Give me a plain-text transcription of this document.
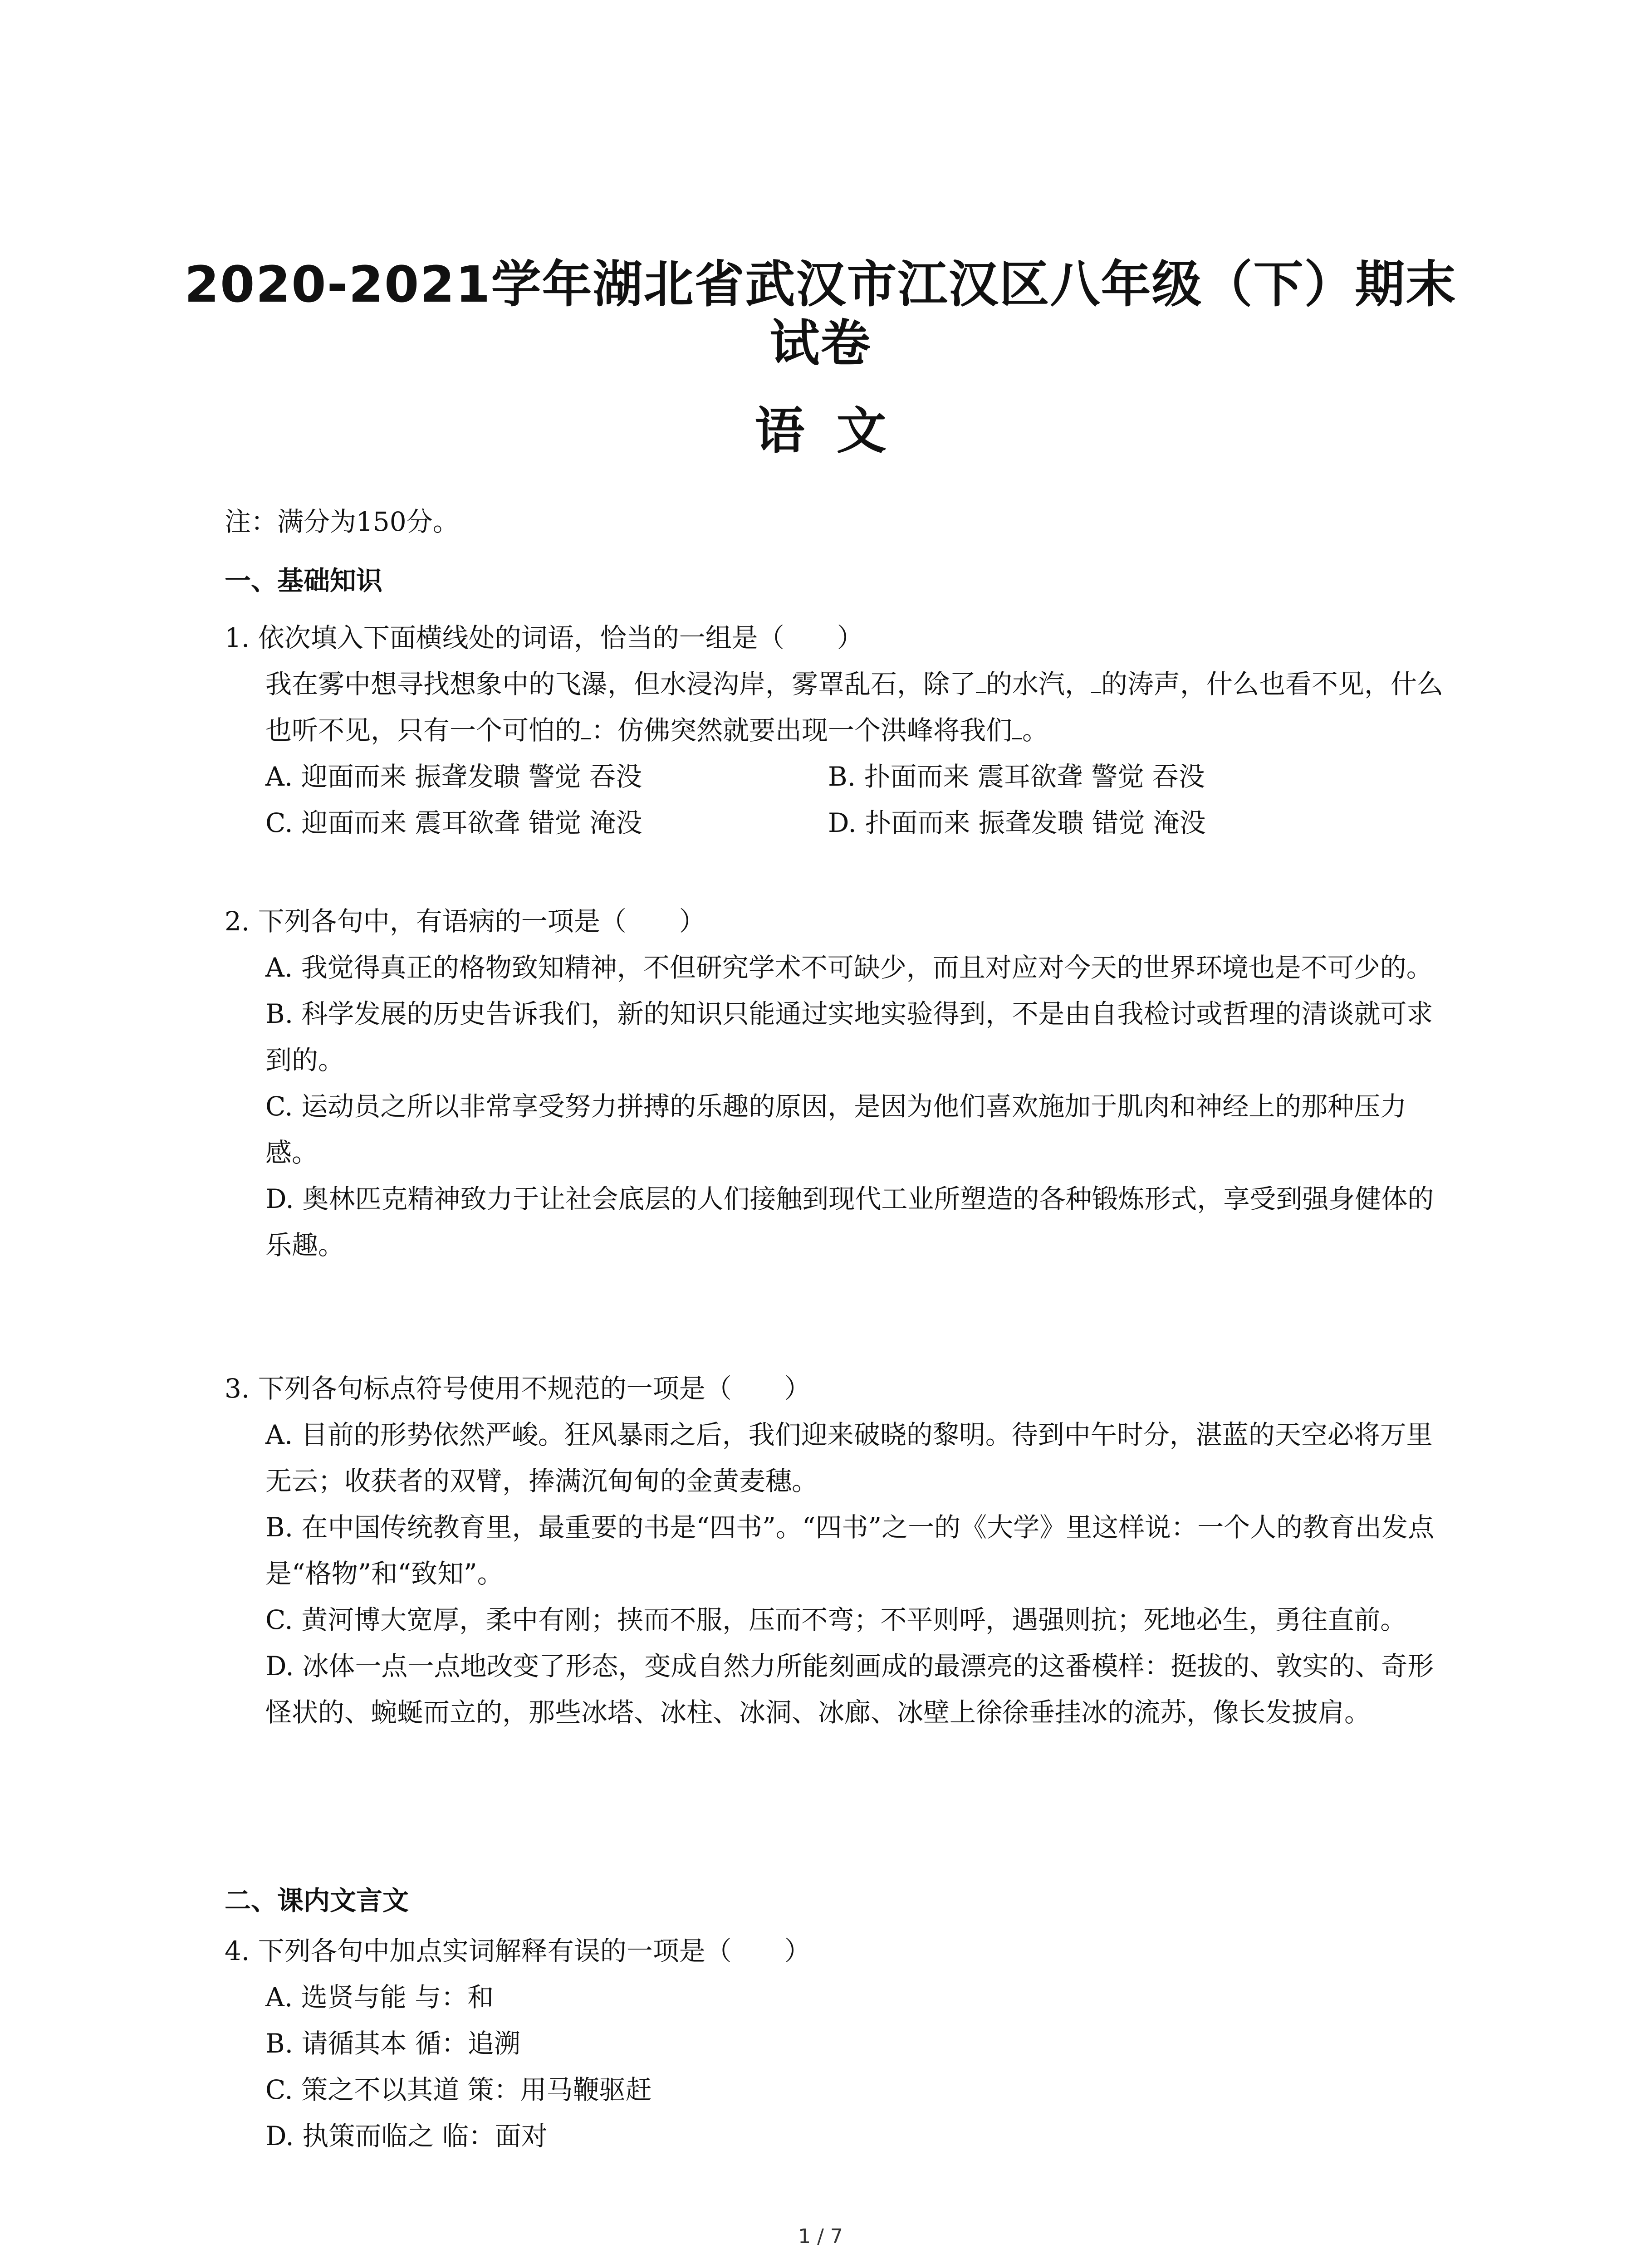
2020-2021学年湖北省武汉市江汉区八年级（下）期末
试卷
语文
注：满分为150分。
一、基础知识
1. 依次填入下面横线处的词语，恰当的一组是（　　）
我在雾中想寻找想象中的飞瀑，但水浸沟岸，雾罩乱石，除了 的水汽， 的涛声，什么也看不见，什么也听不见，只有一个可怕的 ：仿佛突然就要出现一个洪峰将我们 。
A. 迎面而来 振聋发聩 警觉 吞没	B. 扑面而来 震耳欲聋 警觉 吞没
C. 迎面而来 震耳欲聋 错觉 淹没	D. 扑面而来 振聋发聩 错觉 淹没
2. 下列各句中，有语病的一项是（　　）
A. 我觉得真正的格物致知精神，不但研究学术不可缺少，而且对应对今天的世界环境也是不可少的。
B. 科学发展的历史告诉我们，新的知识只能通过实地实验得到，不是由自我检讨或哲理的清谈就可求到的。
C. 运动员之所以非常享受努力拼搏的乐趣的原因，是因为他们喜欢施加于肌肉和神经上的那种压力感。
D. 奥林匹克精神致力于让社会底层的人们接触到现代工业所塑造的各种锻炼形式，享受到强身健体的乐趣。
3. 下列各句标点符号使用不规范的一项是（　　）
A. 目前的形势依然严峻。狂风暴雨之后，我们迎来破晓的黎明。待到中午时分，湛蓝的天空必将万里无云；收获者的双臂，捧满沉甸甸的金黄麦穗。
B. 在中国传统教育里，最重要的书是“四书”。“四书”之一的《大学》里这样说：一个人的教育出发点是“格物”和“致知”。
C. 黄河博大宽厚，柔中有刚；挟而不服，压而不弯；不平则呼，遇强则抗；死地必生，勇往直前。
D. 冰体一点一点地改变了形态，变成自然力所能刻画成的最漂亮的这番模样：挺拔的、敦实的、奇形怪状的、蜿蜒而立的，那些冰塔、冰柱、冰洞、冰廊、冰壁上徐徐垂挂冰的流苏，像长发披肩。
二、课内文言文
4. 下列各句中加点实词解释有误的一项是（　　）
A. 选贤与能 与：和
B. 请循其本 循：追溯
C. 策之不以其道 策：用马鞭驱赶
D. 执策而临之 临：面对
1 / 7
